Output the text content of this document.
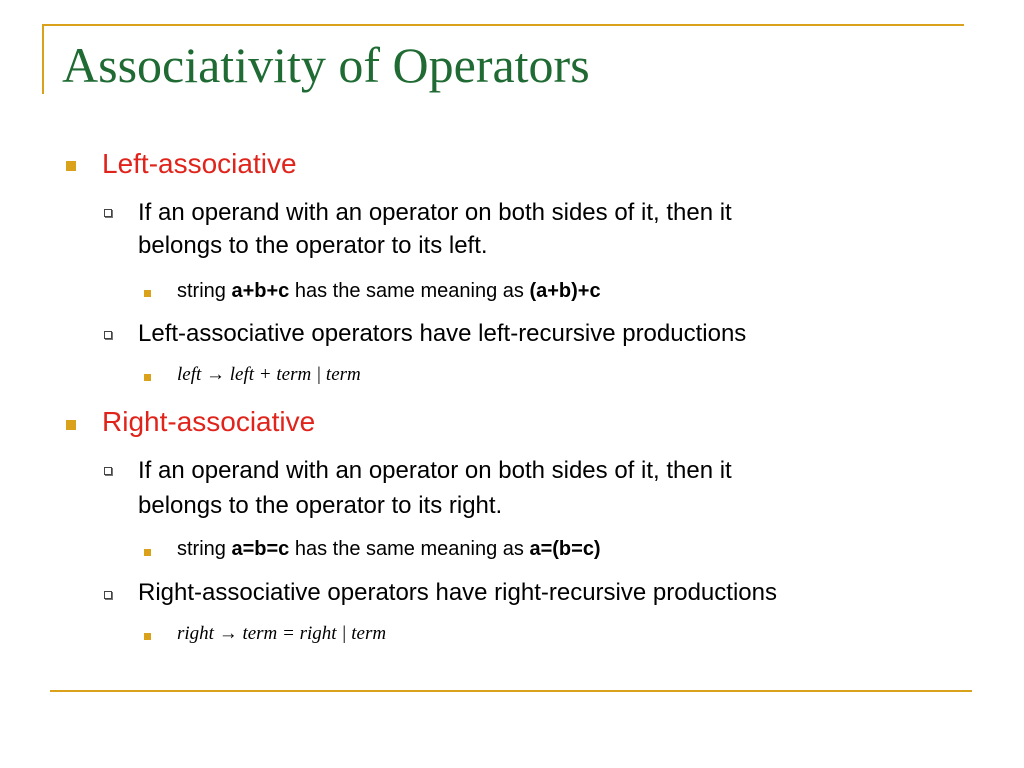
Associativity of Operators
Left-associative
If an operand with an operator on both sides of it, then it
belongs to the operator to its left.
string a+b+c has the same meaning as (a+b)+c
Left-associative operators have left-recursive productions
left → left + term | term
Right-associative
If an operand with an operator on both sides of it, then it
belongs to the operator to its right.
string a=b=c has the same meaning as a=(b=c)
Right-associative operators have right-recursive productions
right → term = right | term
